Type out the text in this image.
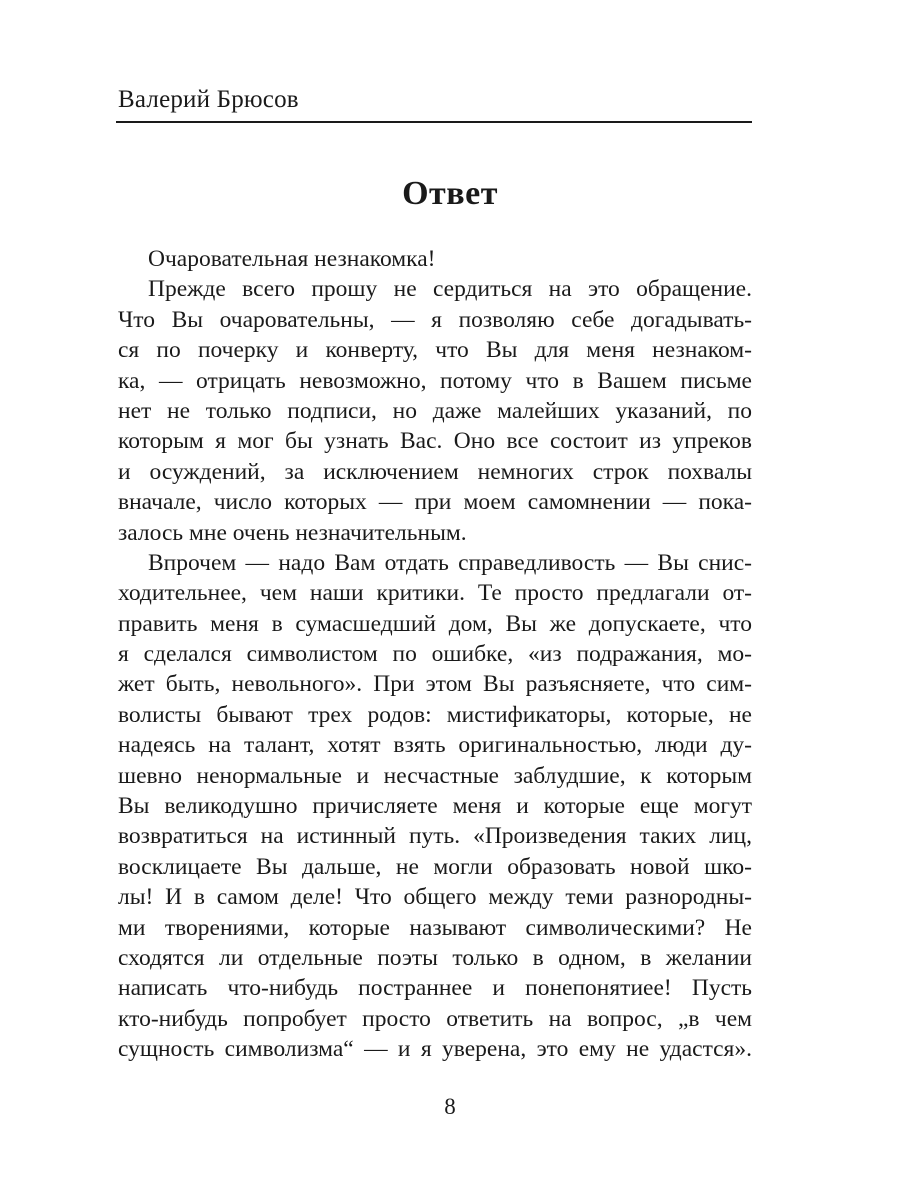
Валерий Брюсов
Ответ
Очаровательная незнакомка!
Прежде всего прошу не сердиться на это обращение.
Что Вы очаровательны, — я позволяю себе догадывать-
ся по почерку и конверту, что Вы для меня незнаком-
ка, — отрицать невозможно, потому что в Вашем письме
нет не только подписи, но даже малейших указаний, по
которым я мог бы узнать Вас. Оно все состоит из упреков
и осуждений, за исключением немногих строк похвалы
вначале, число которых — при моем самомнении — пока-
залось мне очень незначительным.
Впрочем — надо Вам отдать справедливость — Вы снис-
ходительнее, чем наши критики. Те просто предлагали от-
править меня в сумасшедший дом, Вы же допускаете, что
я сделался символистом по ошибке, «из подражания, мо-
жет быть, невольного». При этом Вы разъясняете, что сим-
волисты бывают трех родов: мистификаторы, которые, не
надеясь на талант, хотят взять оригинальностью, люди ду-
шевно ненормальные и несчастные заблудшие, к которым
Вы великодушно причисляете меня и которые еще могут
возвратиться на истинный путь. «Произведения таких лиц,
восклицаете Вы дальше, не могли образовать новой шко-
лы! И в самом деле! Что общего между теми разнородны-
ми творениями, которые называют символическими? Не
сходятся ли отдельные поэты только в одном, в желании
написать что-нибудь постраннее и понепонятиее! Пусть
кто-нибудь попробует просто ответить на вопрос, „в чем
сущность символизма“ — и я уверена, это ему не удастся».
8
